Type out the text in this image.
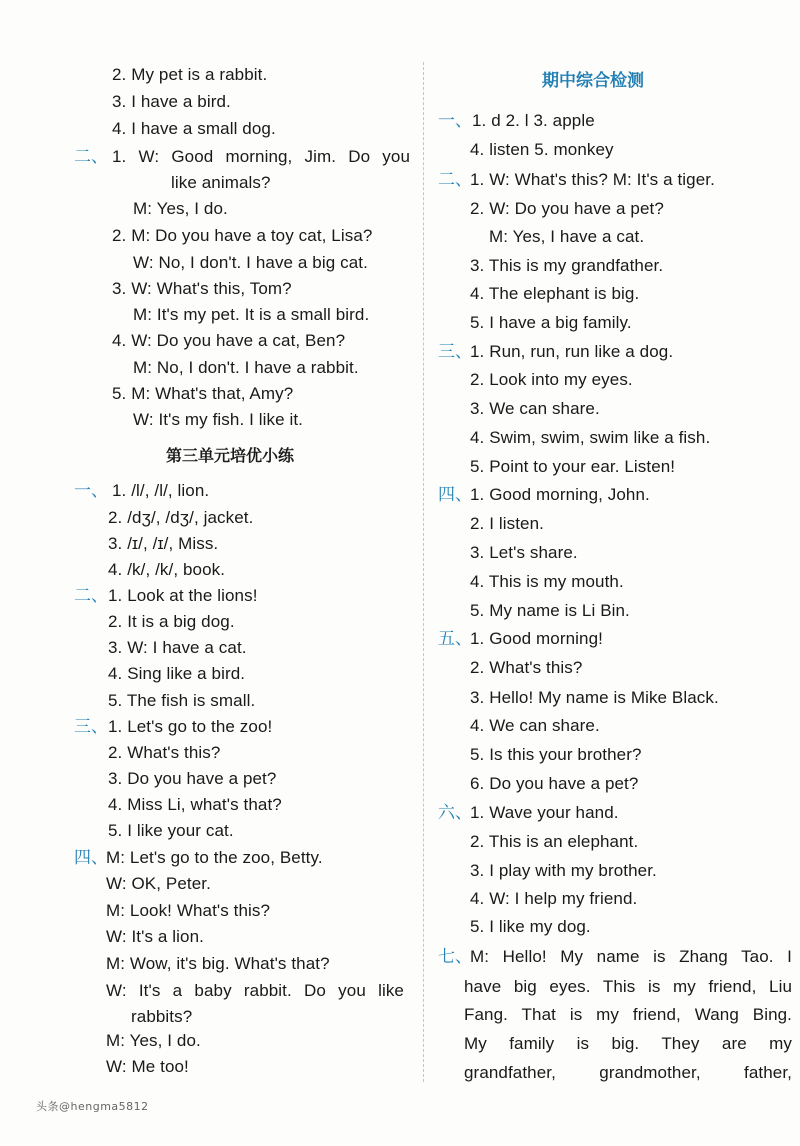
2. My pet is a rabbit.
3. I have a bird.
4. I have a small dog.
二、 1. W: Good morning, Jim. Do you
like animals?
M: Yes, I do.
2. M: Do you have a toy cat, Lisa?
W: No, I don't. I have a big cat.
3. W: What's this, Tom?
M: It's my pet. It is a small bird.
4. W: Do you have a cat, Ben?
M: No, I don't. I have a rabbit.
5. M: What's that, Amy?
W: It's my fish. I like it.
第三单元培优小练
一、 1. /l/, /l/, lion.
2. /dʒ/, /dʒ/, jacket.
3. /ɪ/, /ɪ/, Miss.
4. /k/, /k/, book.
二、 1. Look at the lions!
2. It is a big dog.
3. W: I have a cat.
4. Sing like a bird.
5. The fish is small.
三、 1. Let's go to the zoo!
2. What's this?
3. Do you have a pet?
4. Miss Li, what's that?
5. I like your cat.
四、
M: Let's go to the zoo, Betty.
W: OK, Peter.
M: Look! What's this?
W: It's a lion.
M: Wow, it's big. What's that?
W: It's a baby rabbit. Do you like
rabbits?
M: Yes, I do.
W: Me too!
期中综合检测
一、 1. d 2. l 3. apple
4. listen 5. monkey
二、
1. W: What's this? M: It's a tiger.
2. W: Do you have a pet?
M: Yes, I have a cat.
3. This is my grandfather.
4. The elephant is big.
5. I have a big family.
三、
1. Run, run, run like a dog.
2. Look into my eyes.
3. We can share.
4. Swim, swim, swim like a fish.
5. Point to your ear. Listen!
四、
1. Good morning, John.
2. I listen.
3. Let's share.
4. This is my mouth.
5. My name is Li Bin.
五、
1. Good morning!
2. What's this?
3. Hello! My name is Mike Black.
4. We can share.
5. Is this your brother?
6. Do you have a pet?
六、
1. Wave your hand.
2. This is an elephant.
3. I play with my brother.
4. W: I help my friend.
5. I like my dog.
七、
M: Hello! My name is Zhang Tao. I
have big eyes. This is my friend, Liu
Fang. That is my friend, Wang Bing.
My family is big. They are my
grandfather, grandmother, father,
头条@hengma5812
